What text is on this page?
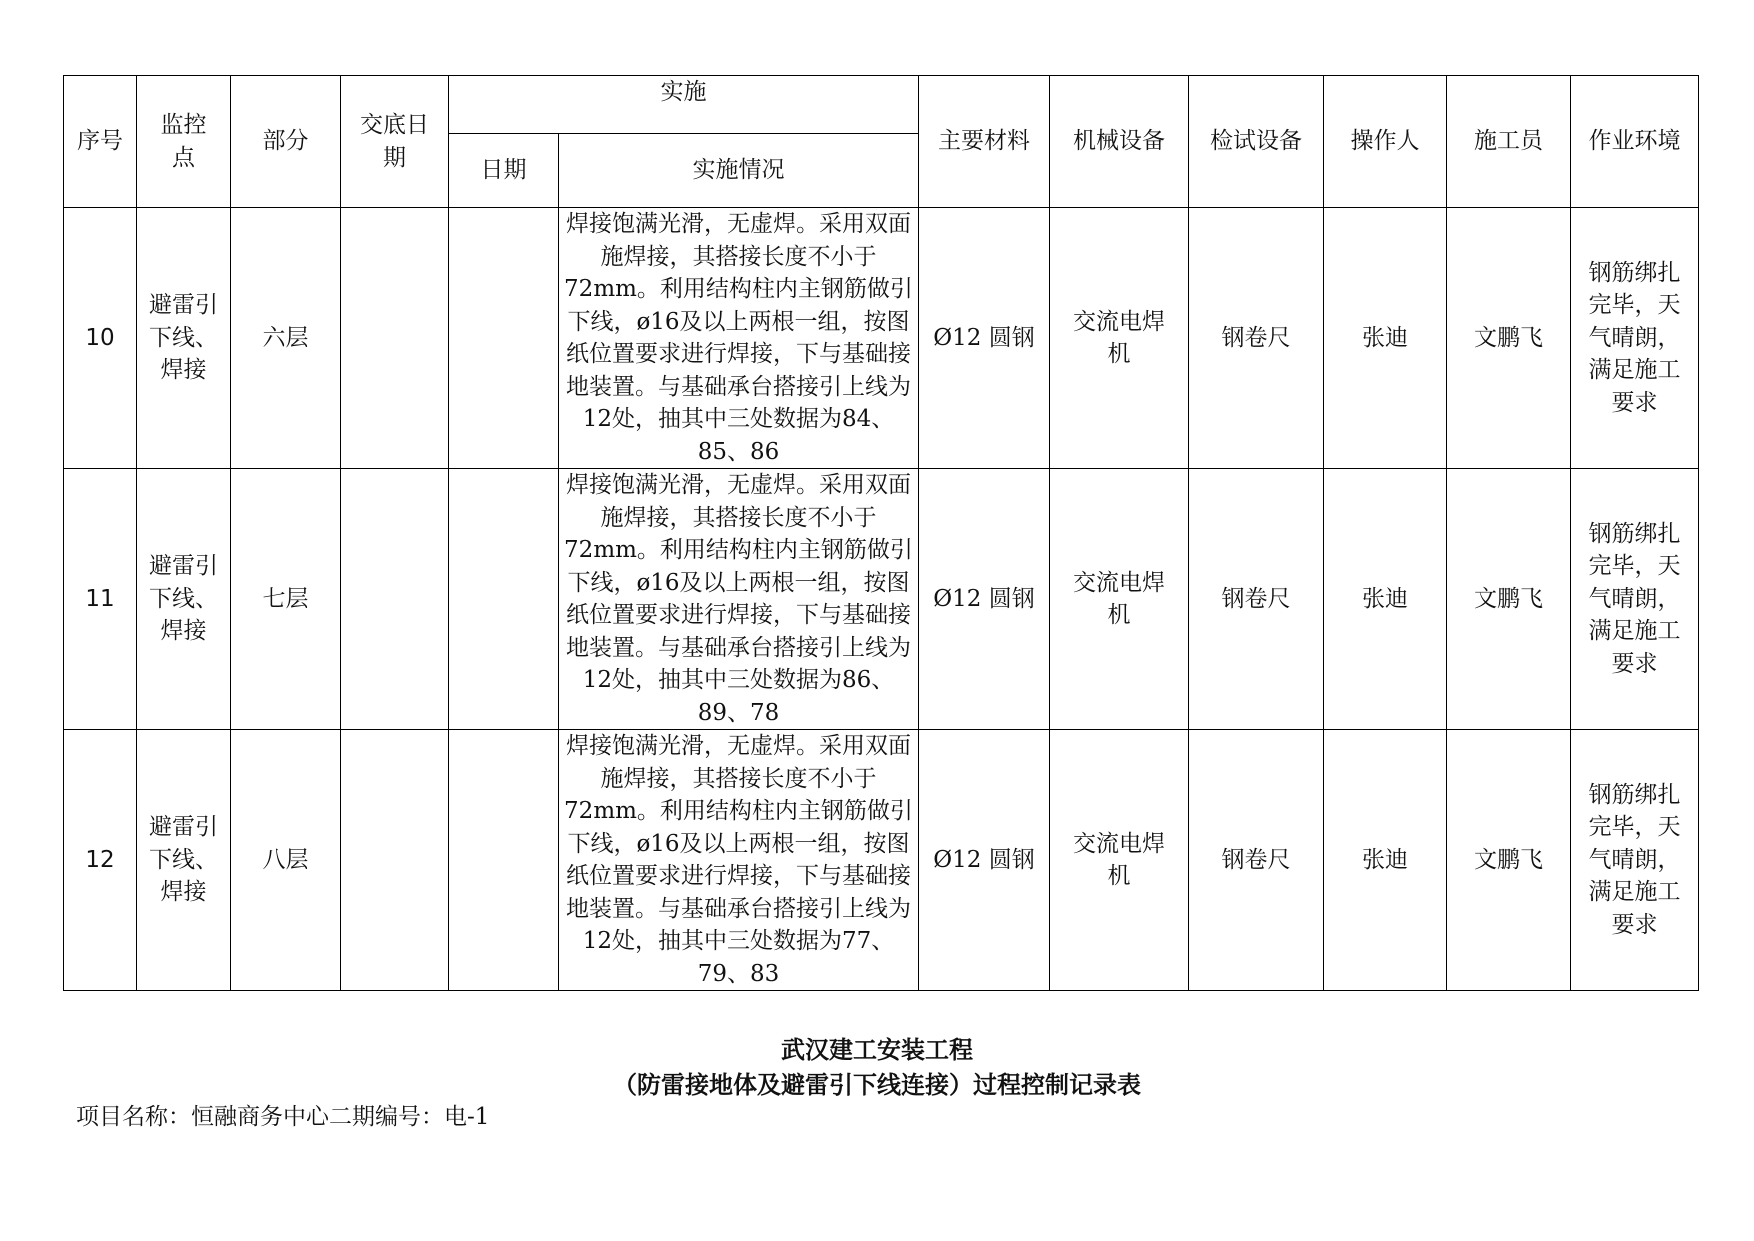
序号	监控点	部分	交底日期	实施		主要材料	机械设备	检试设备	操作人	施工员	作业环境
				日期	实施情况						
10	避雷引下线、焊接	六层			焊接饱满光滑，无虚焊。采用双面施焊接，其搭接长度不小于72mm。利用结构柱内主钢筋做引下线，ø16及以上两根一组，按图纸位置要求进行焊接，下与基础接地装置。与基础承台搭接引上线为12处，抽其中三处数据为84、85、86	Ø12 圆钢	交流电焊机	钢卷尺	张迪	文鹏飞	钢筋绑扎完毕，天气晴朗，满足施工要求
11	避雷引下线、焊接	七层			焊接饱满光滑，无虚焊。采用双面施焊接，其搭接长度不小于72mm。利用结构柱内主钢筋做引下线，ø16及以上两根一组，按图纸位置要求进行焊接，下与基础接地装置。与基础承台搭接引上线为12处，抽其中三处数据为86、89、78	Ø12 圆钢	交流电焊机	钢卷尺	张迪	文鹏飞	钢筋绑扎完毕，天气晴朗，满足施工要求
12	避雷引下线、焊接	八层			焊接饱满光滑，无虚焊。采用双面施焊接，其搭接长度不小于72mm。利用结构柱内主钢筋做引下线，ø16及以上两根一组，按图纸位置要求进行焊接，下与基础接地装置。与基础承台搭接引上线为12处，抽其中三处数据为77、79、83	Ø12 圆钢	交流电焊机	钢卷尺	张迪	文鹏飞	钢筋绑扎完毕，天气晴朗，满足施工要求
武汉建工安装工程
（防雷接地体及避雷引下线连接）过程控制记录表
项目名称：恒融商务中心二期编号：电-1
